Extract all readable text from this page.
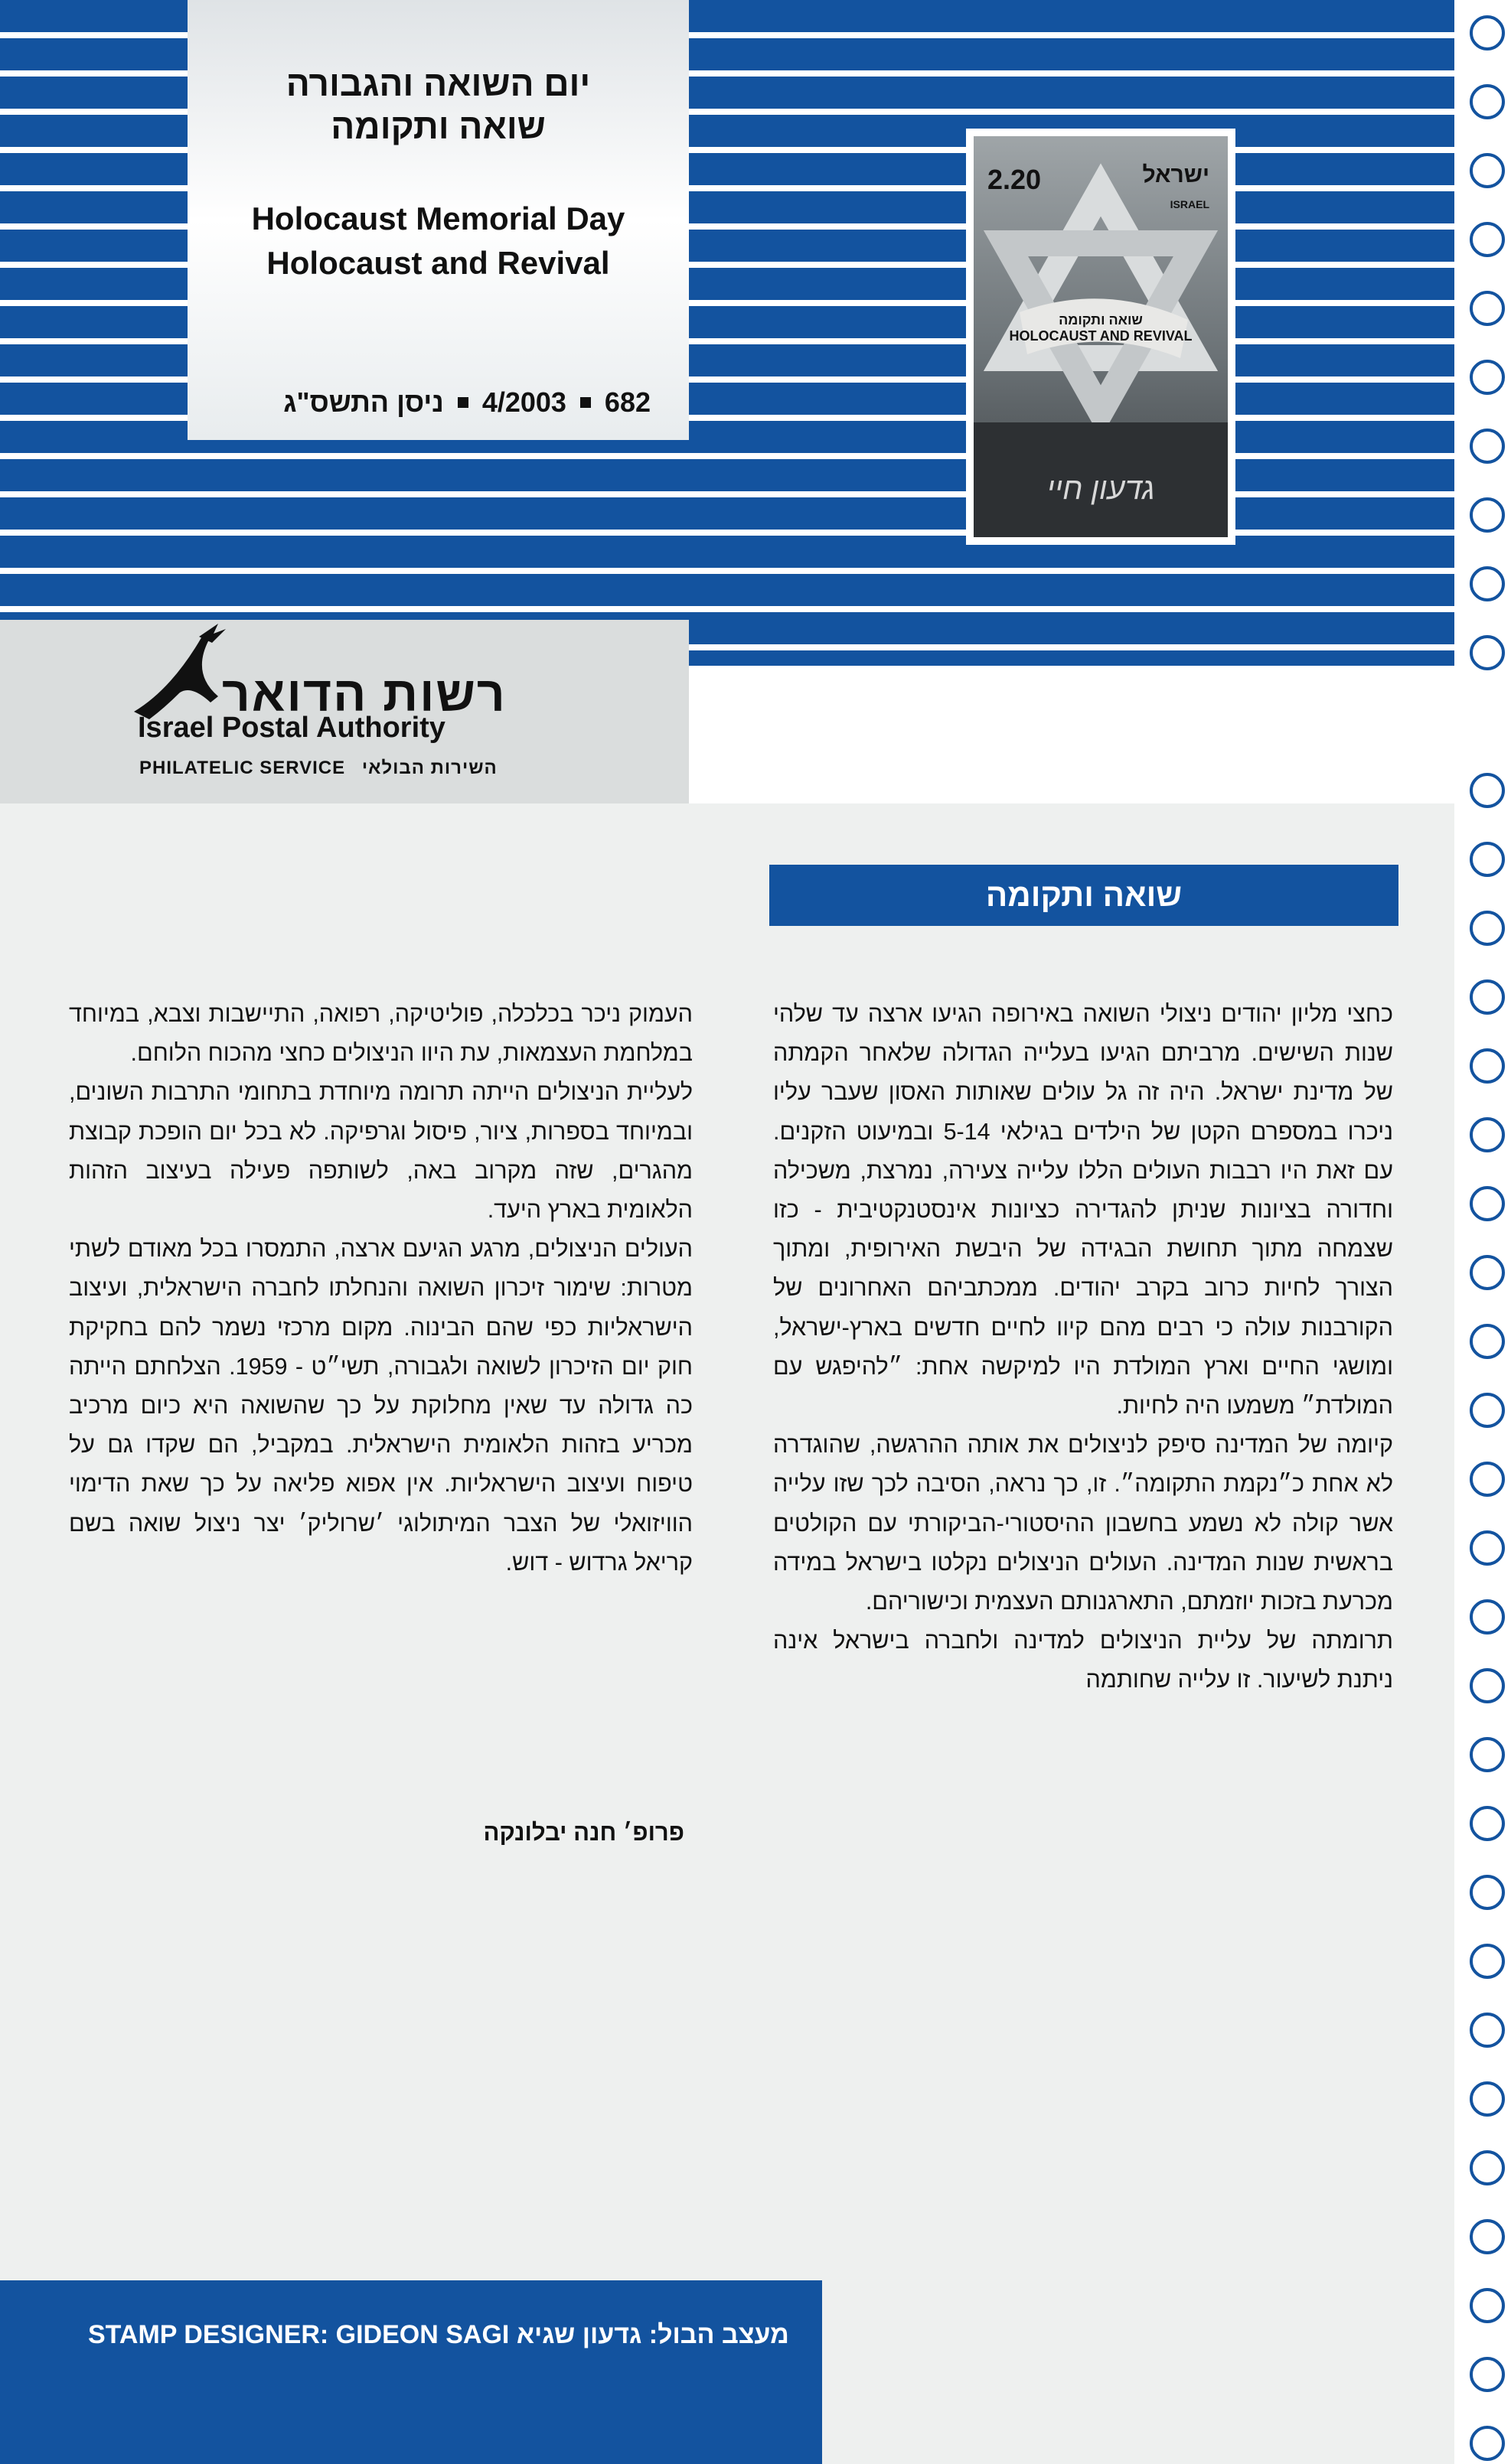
יום השואה והגבורה
שואה ותקומה
Holocaust Memorial Day
Holocaust and Revival
ניסן התשס"ג 4/2003 682
2.20	ישראל
ISRAEL
שואה ותקומה
HOLOCAUST AND REVIVAL
גדעון חיי
רשות הדואר
Israel Postal Authority
PHILATELIC SERVICE השירות הבולאי
שואה ותקומה

כחצי מליון יהודים ניצולי השואה באירופה הגיעו ארצה עד שלהי שנות השישים. מרביתם הגיעו בעלייה הגדולה שלאחר הקמתה של מדינת ישראל. היה זה גל עולים שאותות האסון שעבר עליו ניכרו במספרם הקטן של הילדים בגילאי 5-14 ובמיעוט הזקנים. עם זאת היו רבבות העולים הללו עלייה צעירה, נמרצת, משכילה וחדורה בציונות שניתן להגדירה כציונות אינסטנקטיבית - כזו שצמחה מתוך תחושת הבגידה של היבשת האירופית, ומתוך הצורך לחיות כרוב בקרב יהודים. ממכתביהם האחרונים של הקורבנות עולה כי רבים מהם קיוו לחיים חדשים בארץ-ישראל, ומושגי החיים וארץ המולדת היו למיקשה אחת: ״להיפגש עם המולדת״ משמעו היה לחיות.

קיומה של המדינה סיפק לניצולים את אותה ההרגשה, שהוגדרה לא אחת כ״נקמת התקומה״. זו, כך נראה, הסיבה לכך שזו עלייה אשר קולה לא נשמע בחשבון ההיסטורי-הביקורתי עם הקולטים בראשית שנות המדינה. העולים הניצולים נקלטו בישראל במידה מכרעת בזכות יוזמתם, התארגנותם העצמית וכישוריהם.

תרומתה של עליית הניצולים למדינה ולחברה בישראל אינה ניתנת לשיעור. זו עלייה שחותמה

העמוק ניכר בכלכלה, פוליטיקה, רפואה, התיישבות וצבא, במיוחד במלחמת העצמאות, עת היוו הניצולים כחצי מהכוח הלוחם.

לעליית הניצולים הייתה תרומה מיוחדת בתחומי התרבות השונים, ובמיוחד בספרות, ציור, פיסול וגרפיקה. לא בכל יום הופכת קבוצת מהגרים, שזה מקרוב באה, לשותפה פעילה בעיצוב הזהות הלאומית בארץ היעד.

העולים הניצולים, מרגע הגיעם ארצה, התמסרו בכל מאודם לשתי מטרות: שימור זיכרון השואה והנחלתו לחברה הישראלית, ועיצוב הישראליות כפי שהם הבינוה. מקום מרכזי נשמר להם בחקיקת חוק יום הזיכרון לשואה ולגבורה, תשי״ט - 1959. הצלחתם הייתה כה גדולה עד שאין מחלוקת על כך שהשואה היא כיום מרכיב מכריע בזהות הלאומית הישראלית. במקביל, הם שקדו גם על טיפוח ועיצוב הישראליות. אין אפוא פליאה על כך שאת הדימוי הוויזואלי של הצבר המיתולוגי ׳שרוליק׳ יצר ניצול שואה בשם קריאל גרדוש - דוש.

פרופ׳ חנה יבלונקה
STAMP DESIGNER: GIDEON SAGI מעצב הבול: גדעון שגיא
